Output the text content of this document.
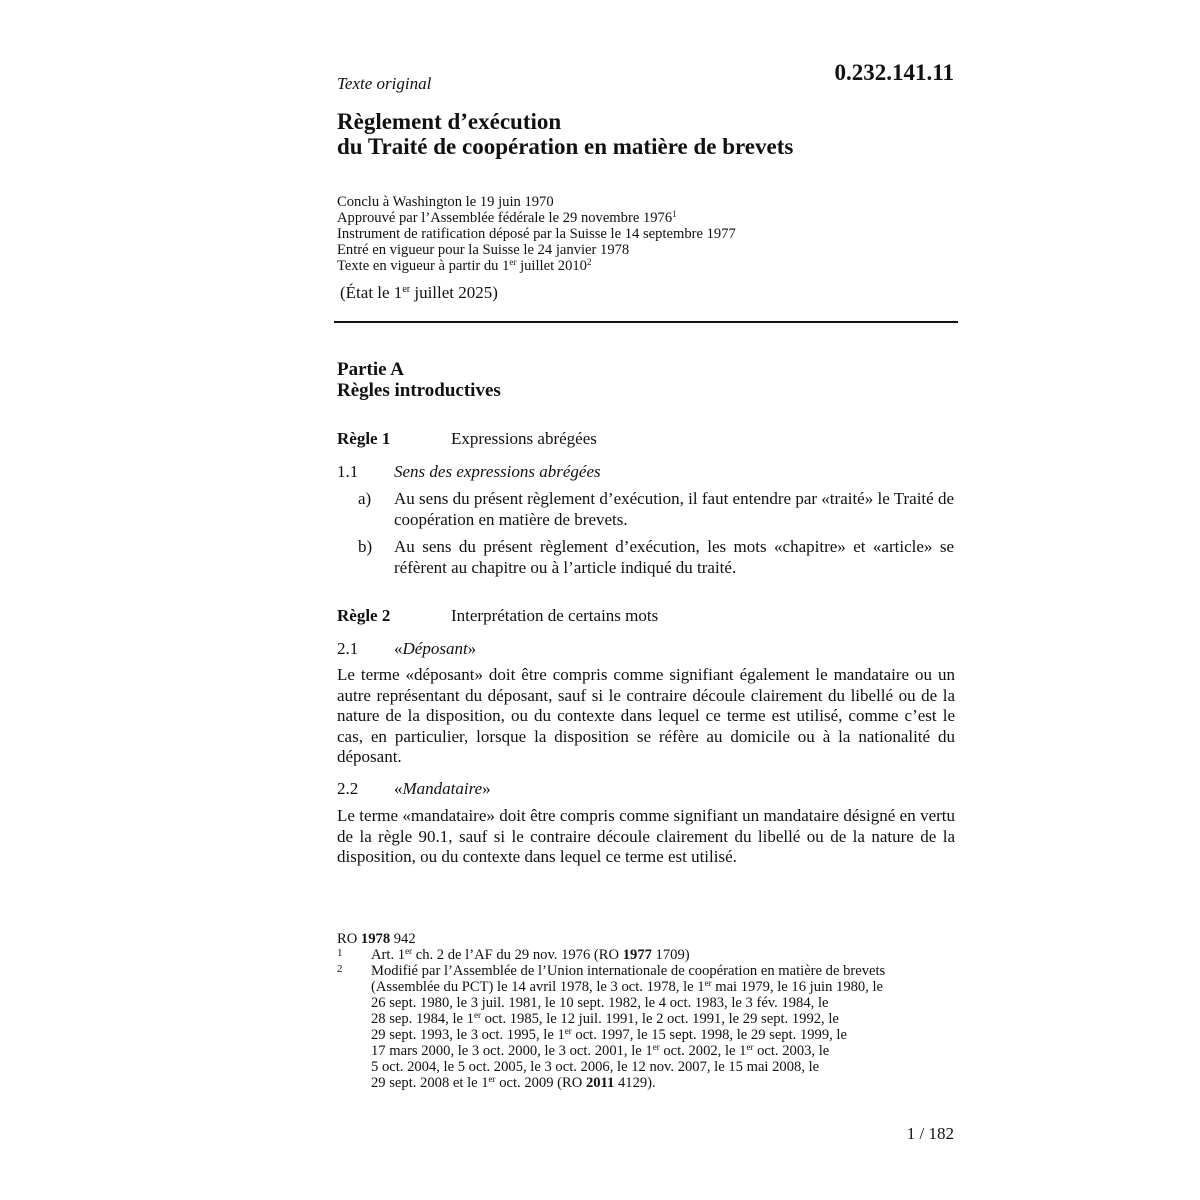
0.232.141.11
Texte original
Règlement d’exécution
du Traité de coopération en matière de brevets
Conclu à Washington le 19 juin 1970
Approuvé par l’Assemblée fédérale le 29 novembre 1976$^1$
Instrument de ratification déposé par la Suisse le 14 septembre 1977
Entré en vigueur pour la Suisse le 24 janvier 1978
Texte en vigueur à partir du 1er juillet 2010$^2$
(État le 1er juillet 2025)
Partie A
Règles introductives
Règle 1	Expressions abrégées
1.1 Sens des expressions abrégées
a) Au sens du présent règlement d’exécution, il faut entendre par «traité» le Traité de coopération en matière de brevets.
b) Au sens du présent règlement d’exécution, les mots «chapitre» et «article» se réfèrent au chapitre ou à l’article indiqué du traité.
Règle 2	Interprétation de certains mots
2.1 «Déposant»
Le terme «déposant» doit être compris comme signifiant également le mandataire ou un autre représentant du déposant, sauf si le contraire découle clairement du libellé ou de la nature de la disposition, ou du contexte dans lequel ce terme est utilisé, comme c’est le cas, en particulier, lorsque la disposition se réfère au domicile ou à la nationalité du déposant.
2.2 «Mandataire»
Le terme «mandataire» doit être compris comme signifiant un mandataire désigné en vertu de la règle 90.1, sauf si le contraire découle clairement du libellé ou de la nature de la disposition, ou du contexte dans lequel ce terme est utilisé.
RO 1978 942
1 Art. 1er ch. 2 de l’AF du 29 nov. 1976 (RO 1977 1709)
2 Modifié par l’Assemblée de l’Union internationale de coopération en matière de brevets
(Assemblée du PCT) le 14 avril 1978, le 3 oct. 1978, le 1er mai 1979, le 16 juin 1980, le
26 sept. 1980, le 3 juil. 1981, le 10 sept. 1982, le 4 oct. 1983, le 3 fév. 1984, le
28 sep. 1984, le 1er oct. 1985, le 12 juil. 1991, le 2 oct. 1991, le 29 sept. 1992, le
29 sept. 1993, le 3 oct. 1995, le 1er oct. 1997, le 15 sept. 1998, le 29 sept. 1999, le
17 mars 2000, le 3 oct. 2000, le 3 oct. 2001, le 1er oct. 2002, le 1er oct. 2003, le
5 oct. 2004, le 5 oct. 2005, le 3 oct. 2006, le 12 nov. 2007, le 15 mai 2008, le
29 sept. 2008 et le 1er oct. 2009 (RO 2011 4129).
1 / 182
